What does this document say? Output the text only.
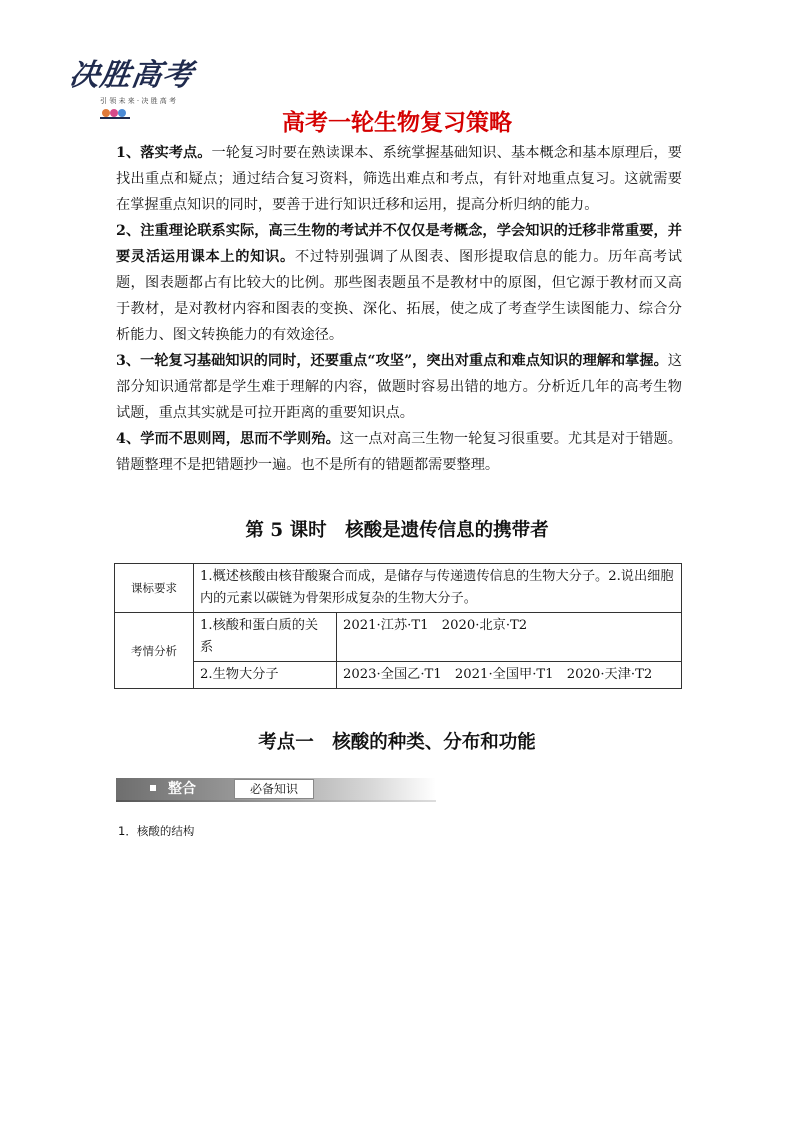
决胜高考
引 领 未 来 · 决 胜 高 考
高考一轮生物复习策略

1、落实考点。一轮复习时要在熟读课本、系统掌握基础知识、基本概念和基本原理后，要找出重点和疑点；通过结合复习资料，筛选出难点和考点，有针对地重点复习。这就需要在掌握重点知识的同时，要善于进行知识迁移和运用，提高分析归纳的能力。

2、注重理论联系实际，高三生物的考试并不仅仅是考概念，学会知识的迁移非常重要，并要灵活运用课本上的知识。不过特别强调了从图表、图形提取信息的能力。历年高考试题，图表题都占有比较大的比例。那些图表题虽不是教材中的原图，但它源于教材而又高于教材，是对教材内容和图表的变换、深化、拓展，使之成了考查学生读图能力、综合分析能力、图文转换能力的有效途径。

3、一轮复习基础知识的同时，还要重点“攻坚”，突出对重点和难点知识的理解和掌握。这部分知识通常都是学生难于理解的内容，做题时容易出错的地方。分析近几年的高考生物试题，重点其实就是可拉开距离的重要知识点。

4、学而不思则罔，思而不学则殆。这一点对高三生物一轮复习很重要。尤其是对于错题。错题整理不是把错题抄一遍。也不是所有的错题都需要整理。

第 5 课时　核酸是遗传信息的携带者
课标要求	1.概述核酸由核苷酸聚合而成，是储存与传递遗传信息的生物大分子。2.说出细胞内的元素以碳链为骨架形成复杂的生物大分子。	
考情分析	1.核酸和蛋白质的关系	2021·江苏·T1　2020·北京·T2
	2.生物大分子	2023·全国乙·T1　2021·全国甲·T1　2020·天津·T2
考点一　核酸的种类、分布和功能
整合	必备知识
1．核酸的结构
